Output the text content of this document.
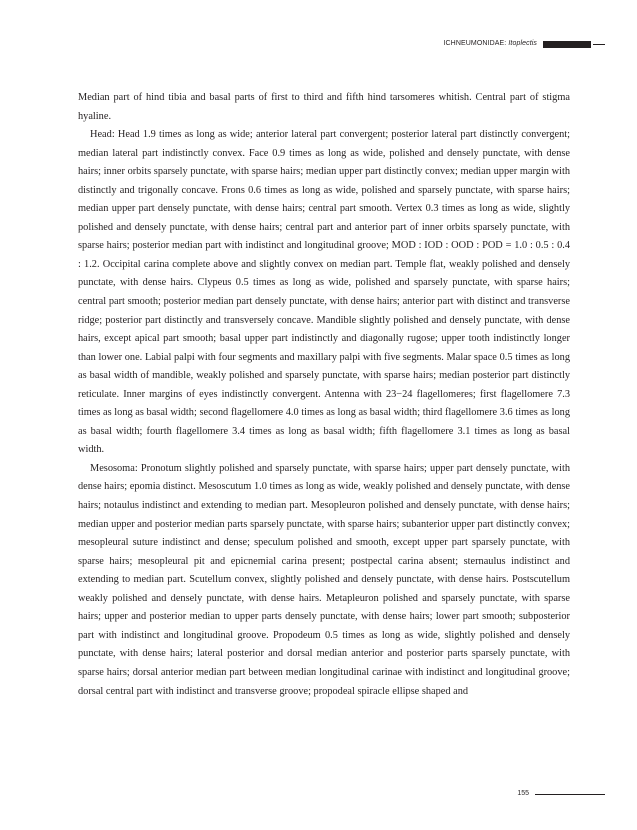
ICHNEUMONIDAE: Itoplectis

Median part of hind tibia and basal parts of first to third and fifth hind tarsomeres whitish. Central part of stigma hyaline.

Head: Head 1.9 times as long as wide; anterior lateral part convergent; posterior lateral part distinctly convergent; median lateral part indistinctly convex. Face 0.9 times as long as wide, polished and densely punctate, with dense hairs; inner orbits sparsely punctate, with sparse hairs; median upper part distinctly convex; median upper margin with distinctly and trigonally concave. Frons 0.6 times as long as wide, polished and sparsely punctate, with sparse hairs; median upper part densely punctate, with dense hairs; central part smooth. Vertex 0.3 times as long as wide, slightly polished and densely punctate, with dense hairs; central part and anterior part of inner orbits sparsely punctate, with sparse hairs; posterior median part with indistinct and longitudinal groove; MOD : IOD : OOD : POD = 1.0 : 0.5 : 0.4 : 1.2. Occipital carina complete above and slightly convex on median part. Temple flat, weakly polished and densely punctate, with dense hairs. Clypeus 0.5 times as long as wide, polished and sparsely punctate, with sparse hairs; central part smooth; posterior median part densely punctate, with dense hairs; anterior part with distinct and transverse ridge; posterior part distinctly and transversely concave. Mandible slightly polished and densely punctate, with dense hairs, except apical part smooth; basal upper part indistinctly and diagonally rugose; upper tooth indistinctly longer than lower one. Labial palpi with four segments and maxillary palpi with five segments. Malar space 0.5 times as long as basal width of mandible, weakly polished and sparsely punctate, with sparse hairs; median posterior part distinctly reticulate. Inner margins of eyes indistinctly convergent. Antenna with 23−24 flagellomeres; first flagellomere 7.3 times as long as basal width; second flagellomere 4.0 times as long as basal width; third flagellomere 3.6 times as long as basal width; fourth flagellomere 3.4 times as long as basal width; fifth flagellomere 3.1 times as long as basal width.

Mesosoma: Pronotum slightly polished and sparsely punctate, with sparse hairs; upper part densely punctate, with dense hairs; epomia distinct. Mesoscutum 1.0 times as long as wide, weakly polished and densely punctate, with dense hairs; notaulus indistinct and extending to median part. Mesopleuron polished and densely punctate, with dense hairs; median upper and posterior median parts sparsely punctate, with sparse hairs; subanterior upper part distinctly convex; mesopleural suture indistinct and dense; speculum polished and smooth, except upper part sparsely punctate, with sparse hairs; mesopleural pit and epicnemial carina present; postpectal carina absent; sternaulus indistinct and extending to median part. Scutellum convex, slightly polished and densely punctate, with dense hairs. Postscutellum weakly polished and densely punctate, with dense hairs. Metapleuron polished and sparsely punctate, with sparse hairs; upper and posterior median to upper parts densely punctate, with dense hairs; lower part smooth; subposterior part with indistinct and longitudinal groove. Propodeum 0.5 times as long as wide, slightly polished and densely punctate, with dense hairs; lateral posterior and dorsal median anterior and posterior parts sparsely punctate, with sparse hairs; dorsal anterior median part between median longitudinal carinae with indistinct and longitudinal groove; dorsal central part with indistinct and transverse groove; propodeal spiracle ellipse shaped and

155
